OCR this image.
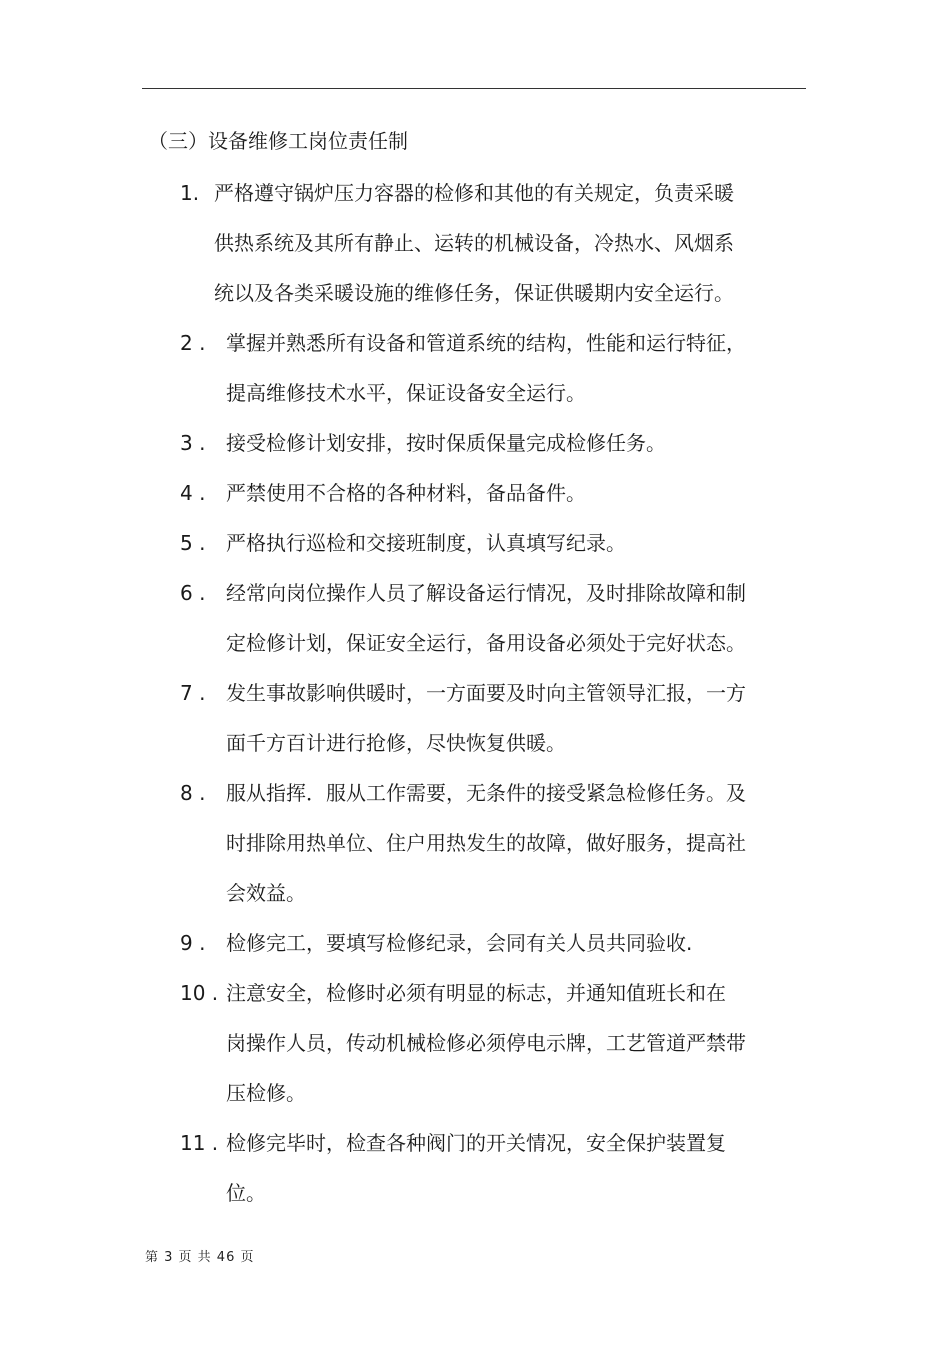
（三）设备维修工岗位责任制
1. 严格遵守锅炉压力容器的检修和其他的有关规定，负责采暖
供热系统及其所有静止、运转的机械设备，冷热水、风烟系
统以及各类采暖设施的维修任务，保证供暖期内安全运行。
2 . 掌握并熟悉所有设备和管道系统的结构，性能和运行特征，
提高维修技术水平，保证设备安全运行。
3 . 接受检修计划安排，按时保质保量完成检修任务。
4 . 严禁使用不合格的各种材料，备品备件。
5 . 严格执行巡检和交接班制度，认真填写纪录。
6 . 经常向岗位操作人员了解设备运行情况，及时排除故障和制
定检修计划，保证安全运行，备用设备必须处于完好状态。
7 . 发生事故影响供暖时，一方面要及时向主管领导汇报，一方
面千方百计进行抢修，尽快恢复供暖。
8 . 服从指挥．服从工作需要，无条件的接受紧急检修任务。及
时排除用热单位、住户用热发生的故障，做好服务，提高社
会效益。
9 . 检修完工，要填写检修纪录，会同有关人员共同验收.
10 . 注意安全，检修时必须有明显的标志，并通知值班长和在
岗操作人员，传动机械检修必须停电示牌，工艺管道严禁带
压检修。
11 . 检修完毕时，检查各种阀门的开关情况，安全保护装置复
位。
第 3 页 共 46 页
